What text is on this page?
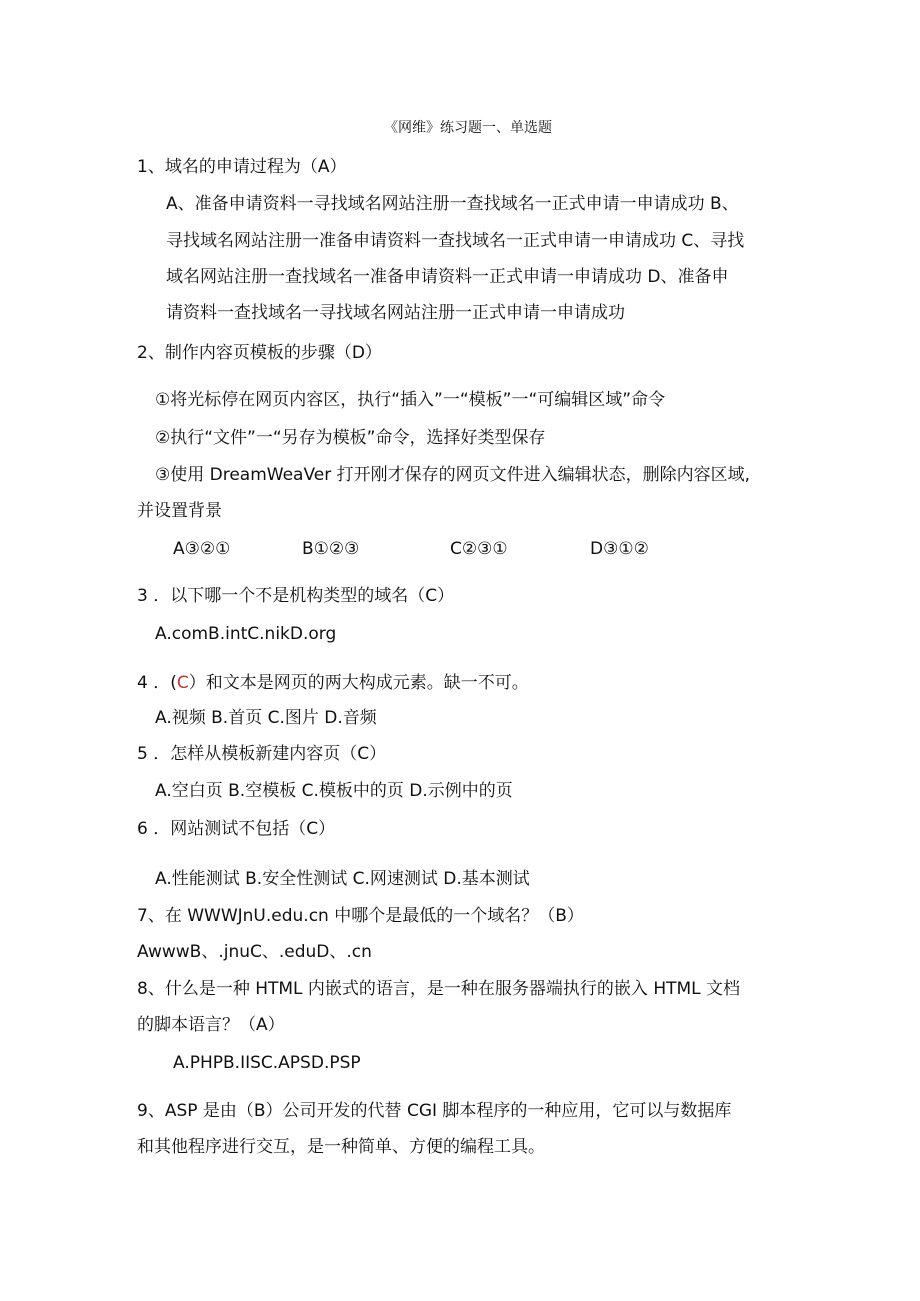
《网维》练习题一、单选题
1、域名的申请过程为（A）
A、准备申请资料一寻找域名网站注册一查找域名一正式申请一申请成功 B、
寻找域名网站注册一准备申请资料一查找域名一正式申请一申请成功 C、寻找
域名网站注册一查找域名一准备申请资料一正式申请一申请成功 D、准备申
请资料一查找域名一寻找域名网站注册一正式申请一申请成功
2、制作内容页模板的步骤（D）
①将光标停在网页内容区，执行“插入”一“模板”一“可编辑区域”命令
②执行“文件”一“另存为模板”命令，选择好类型保存
③使用 DreamWeaVer 打开刚才保存的网页文件进入编辑状态，删除内容区域,
并设置背景
A③②①	B①②③	C②③①	D③①②
3 ．以下哪一个不是机构类型的域名（C）
A.comB.intC.nikD.org
4 ．(C）和文本是网页的两大构成元素。缺一不可。
A.视频 B.首页 C.图片 D.音频
5 ．怎样从模板新建内容页（C）
A.空白页 B.空模板 C.模板中的页 D.示例中的页
6 ．网站测试不包括（C）
A.性能测试 B.安全性测试 C.网速测试 D.基本测试
7、在 WWWJnU.edu.cn 中哪个是最低的一个域名？（B）
AwwwB、.jnuC、.eduD、.cn
8、什么是一种 HTML 内嵌式的语言，是一种在服务器端执行的嵌入 HTML 文档
的脚本语言？（A）
A.PHPB.IISC.APSD.PSP
9、ASP 是由（B）公司开发的代替 CGI 脚本程序的一种应用，它可以与数据库
和其他程序进行交互，是一种简单、方便的编程工具。
